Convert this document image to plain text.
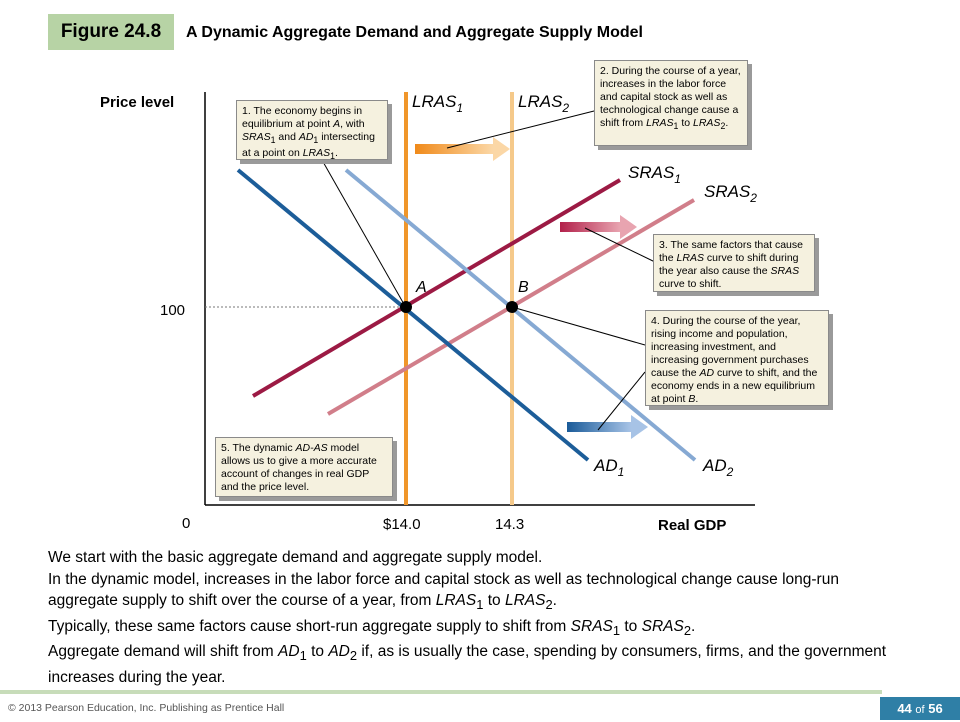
Figure 24.8	A Dynamic Aggregate Demand and Aggregate Supply Model
Price level
Real GDP
0
100
$14.0	14.3
A	B
$LRAS_1$	$LRAS_2$
$SRAS_1$
$SRAS_2$
$AD_1$	$AD_2$
1. The economy begins in equilibrium at point A, with $SRAS_1$ and $AD_1$ intersecting at a point on $LRAS_1$.
2. During the course of a year, increases in the labor force and capital stock as well as technological change cause a shift from $LRAS_1$ to $LRAS_2$.
3. The same factors that cause the LRAS curve to shift during the year also cause the SRAS curve to shift.
4. During the course of the year, rising income and population, increasing investment, and increasing government purchases cause the AD curve to shift, and the economy ends in a new equilibrium at point B.
5. The dynamic AD-AS model allows us to give a more accurate account of changes in real GDP and the price level.

We start with the basic aggregate demand and aggregate supply model.

In the dynamic model, increases in the labor force and capital stock as well as technological change cause long-run aggregate supply to shift over the course of a year, from $LRAS_1$ to $LRAS_2$.

Typically, these same factors cause short-run aggregate supply to shift from $SRAS_1$ to $SRAS_2$.

Aggregate demand will shift from $AD_1$ to $AD_2$ if, as is usually the case, spending by consumers, firms, and the government increases during the year.

© 2013 Pearson Education, Inc. Publishing as Prentice Hall	44 of 56
